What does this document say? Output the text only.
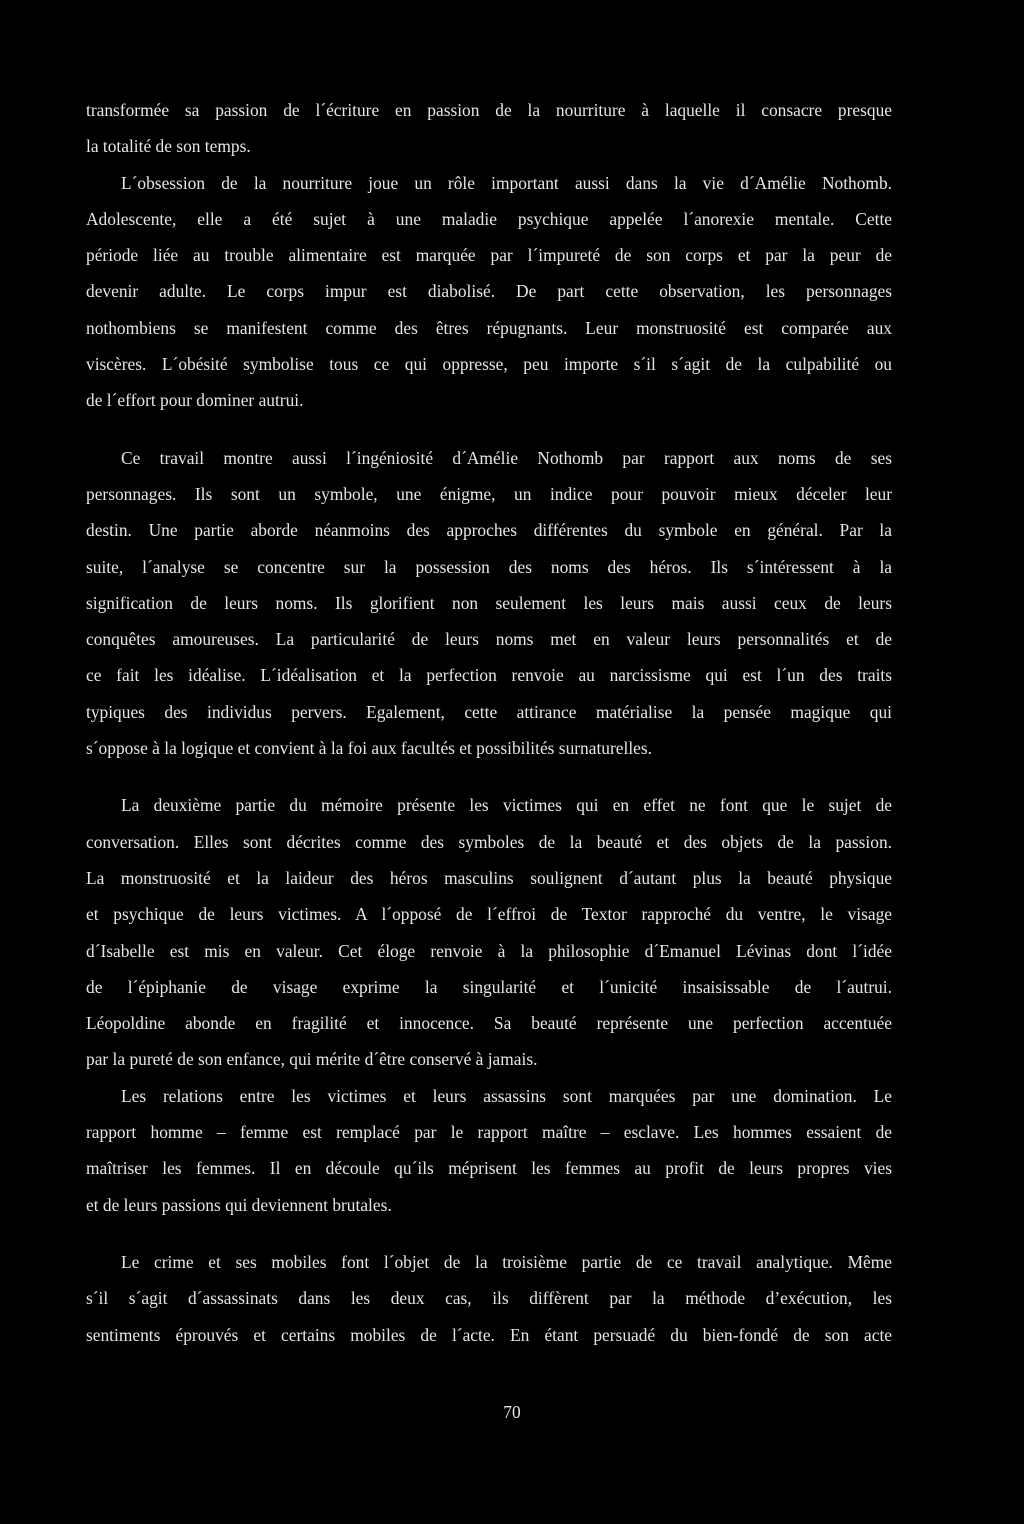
transformée sa passion de l´écriture en passion de la nourriture à laquelle il consacre presque
la totalité de son temps.
L´obsession de la nourriture joue un rôle important aussi dans la vie d´Amélie Nothomb.
Adolescente, elle a été sujet à une maladie psychique appelée l´anorexie mentale. Cette
période liée au trouble alimentaire est marquée par l´impureté de son corps et par la peur de
devenir adulte. Le corps impur est diabolisé. De part cette observation, les personnages
nothombiens se manifestent comme des êtres répugnants. Leur monstruosité est comparée aux
viscères. L´obésité symbolise tous ce qui oppresse, peu importe s´il s´agit de la culpabilité ou
de l´effort pour dominer autrui.
Ce travail montre aussi l´ingéniosité d´Amélie Nothomb par rapport aux noms de ses
personnages. Ils sont un symbole, une énigme, un indice pour pouvoir mieux déceler leur
destin. Une partie aborde néanmoins des approches différentes du symbole en général. Par la
suite, l´analyse se concentre sur la possession des noms des héros. Ils s´intéressent à la
signification de leurs noms. Ils glorifient non seulement les leurs mais aussi ceux de leurs
conquêtes amoureuses. La particularité de leurs noms met en valeur leurs personnalités et de
ce fait les idéalise. L´idéalisation et la perfection renvoie au narcissisme qui est l´un des traits
typiques des individus pervers. Egalement, cette attirance matérialise la pensée magique qui
s´oppose à la logique et convient à la foi aux facultés et possibilités surnaturelles.
La deuxième partie du mémoire présente les victimes qui en effet ne font que le sujet de
conversation. Elles sont décrites comme des symboles de la beauté et des objets de la passion.
La monstruosité et la laideur des héros masculins soulignent d´autant plus la beauté physique
et psychique de leurs victimes. A l´opposé de l´effroi de Textor rapproché du ventre, le visage
d´Isabelle est mis en valeur. Cet éloge renvoie à la philosophie d´Emanuel Lévinas dont l´idée
de l´épiphanie de visage exprime la singularité et l´unicité insaisissable de l´autrui.
Léopoldine abonde en fragilité et innocence. Sa beauté représente une perfection accentuée
par la pureté de son enfance, qui mérite d´être conservé à jamais.
Les relations entre les victimes et leurs assassins sont marquées par une domination. Le
rapport homme – femme est remplacé par le rapport maître – esclave. Les hommes essaient de
maîtriser les femmes. Il en découle qu´ils méprisent les femmes au profit de leurs propres vies
et de leurs passions qui deviennent brutales.
Le crime et ses mobiles font l´objet de la troisième partie de ce travail analytique. Même
s´il s´agit d´assassinats dans les deux cas, ils diffèrent par la méthode d’exécution, les
sentiments éprouvés et certains mobiles de l´acte. En étant persuadé du bien-fondé de son acte
70
